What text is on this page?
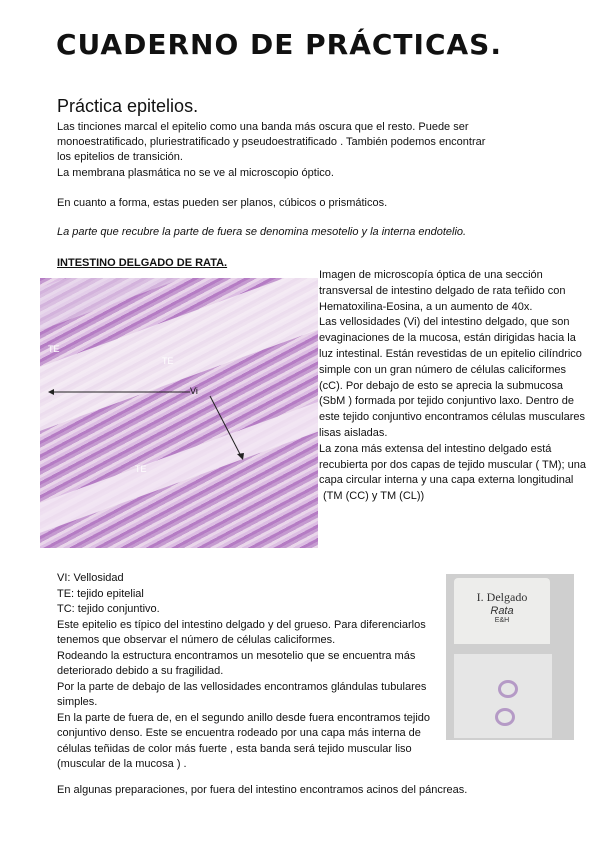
CUADERNO DE PRÁCTICAS.
Práctica epitelios.
Las tinciones marcal el epitelio como una banda más oscura que el resto. Puede ser monoestratificado, pluriestratificado y pseudoestratificado . También podemos encontrar los epitelios de transición.
La membrana plasmática no se ve al microscopio óptico.
En cuanto a forma, estas pueden ser planos, cúbicos o prismáticos.
La parte que recubre la parte de fuera se denomina mesotelio y la interna endotelio.
INTESTINO DELGADO DE RATA.
TE
TE
Vi
TE
Imagen de microscopía óptica de una sección transversal de intestino delgado de rata teñido con Hematoxilina-Eosina, a un aumento de 40x.
Las vellosidades (Vi) del intestino delgado, que son evaginaciones de la mucosa, están dirigidas hacia la luz intestinal. Están revestidas de un epitelio cilíndrico simple con un gran número de células caliciformes (cC). Por debajo de esto se aprecia la submucosa (SbM ) formada por tejido conjuntivo laxo. Dentro de este tejido conjuntivo encontramos células musculares lisas aisladas.
La zona más extensa del intestino delgado está recubierta por dos capas de tejido muscular ( TM); una capa circular interna y una capa externa longitudinal
(TM (CC) y TM (CL))
VI: Vellosidad
TE: tejido epitelial
TC: tejido conjuntivo.
Este epitelio es típico del intestino delgado y del grueso. Para diferenciarlos tenemos que observar el número de células caliciformes.
Rodeando la estructura encontramos un mesotelio que se encuentra más deteriorado debido a su fragilidad.
Por la parte de debajo de las vellosidades encontramos glándulas tubulares simples.
En la parte de fuera de, en el segundo anillo desde fuera encontramos tejido conjuntivo denso. Este se encuentra rodeado por una capa más interna de células teñidas de color más fuerte , esta banda será tejido muscular liso (muscular de la mucosa ) .
En algunas preparaciones, por fuera del intestino encontramos acinos del páncreas.
I. Delgado
Rata
E&H
